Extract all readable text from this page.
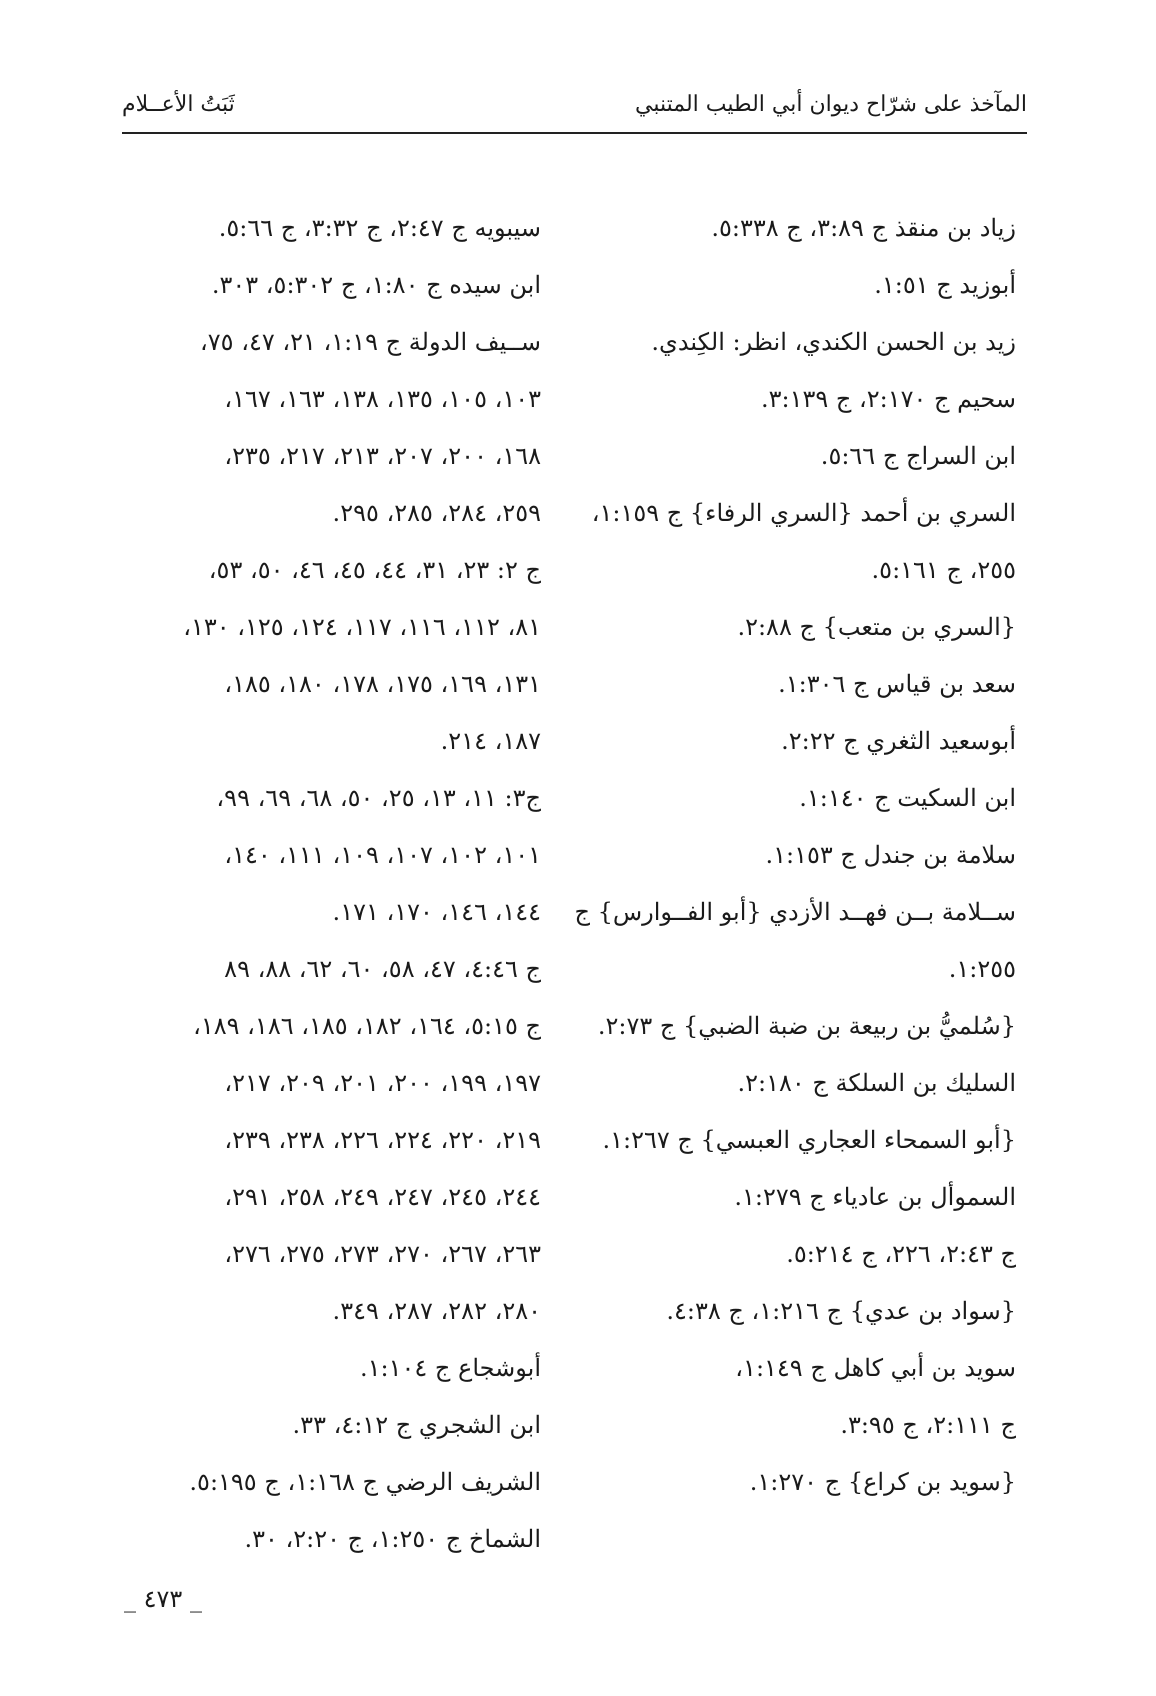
المآخذ على شرّاح ديوان أبي الطيب المتنبي
ثَبَتُ الأعــلام
زياد بن منقذ ج ٣:٨٩، ج ٥:٣٣٨.
أبوزيد ج ١:٥١.
زيد بن الحسن الكندي، انظر: الكِندي.
سحيم ج ٢:١٧٠، ج ٣:١٣٩.
ابن السراج ج ٥:٦٦.
السري بن أحمد {السري الرفاء} ج ١:١٥٩،
٢٥٥، ج ٥:١٦١.
{السري بن متعب} ج ٢:٨٨.
سعد بن قياس ج ١:٣٠٦.
أبوسعيد الثغري ج ٢:٢٢.
ابن السكيت ج ١:١٤٠.
سلامة بن جندل ج ١:١٥٣.
ســلامة بــن فهــد الأزدي {أبو الفــوارس} ج
١:٢٥٥.
{سُلميُّ بن ربيعة بن ضبة الضبي} ج ٢:٧٣.
السليك بن السلكة ج ٢:١٨٠.
{أبو السمحاء العجاري العبسي} ج ١:٢٦٧.
السموأل بن عادياء ج ١:٢٧٩.
ج ٢:٤٣، ٢٢٦، ج ٥:٢١٤.
{سواد بن عدي} ج ١:٢١٦، ج ٤:٣٨.
سويد بن أبي كاهل ج ١:١٤٩،
ج ٢:١١١، ج ٣:٩٥.
{سويد بن كراع} ج ١:٢٧٠.
سيبويه ج ٢:٤٧، ج ٣:٣٢، ج ٥:٦٦.
ابن سيده ج ١:٨٠، ج ٥:٣٠٢، ٣٠٣.
ســيف الدولة ج ١:١٩، ٢١، ٤٧، ٧٥،
١٠٣، ١٠٥، ١٣٥، ١٣٨، ١٦٣، ١٦٧،
١٦٨، ٢٠٠، ٢٠٧، ٢١٣، ٢١٧، ٢٣٥،
٢٥٩، ٢٨٤، ٢٨٥، ٢٩٥.
ج ٢: ٢٣، ٣١، ٤٤، ٤٥، ٤٦، ٥٠، ٥٣،
٨١، ١١٢، ١١٦، ١١٧، ١٢٤، ١٢٥، ١٣٠،
١٣١، ١٦٩، ١٧٥، ١٧٨، ١٨٠، ١٨٥،
١٨٧، ٢١٤.
ج٣: ١١، ١٣، ٢٥، ٥٠، ٦٨، ٦٩، ٩٩،
١٠١، ١٠٢، ١٠٧، ١٠٩، ١١١، ١٤٠،
١٤٤، ١٤٦، ١٧٠، ١٧١.
ج ٤:٤٦، ٤٧، ٥٨، ٦٠، ٦٢، ٨٨، ٨٩
ج ٥:١٥، ١٦٤، ١٨٢، ١٨٥، ١٨٦، ١٨٩،
١٩٧، ١٩٩، ٢٠٠، ٢٠١، ٢٠٩، ٢١٧،
٢١٩، ٢٢٠، ٢٢٤، ٢٢٦، ٢٣٨، ٢٣٩،
٢٤٤، ٢٤٥، ٢٤٧، ٢٤٩، ٢٥٨، ٢٩١،
٢٦٣، ٢٦٧، ٢٧٠، ٢٧٣، ٢٧٥، ٢٧٦،
٢٨٠، ٢٨٢، ٢٨٧، ٣٤٩.
أبوشجاع ج ١:١٠٤.
ابن الشجري ج ٤:١٢، ٣٣.
الشريف الرضي ج ١:١٦٨، ج ٥:١٩٥.
الشماخ ج ١:٢٥٠، ج ٢:٢٠، ٣٠.
_ ٤٧٣ _
